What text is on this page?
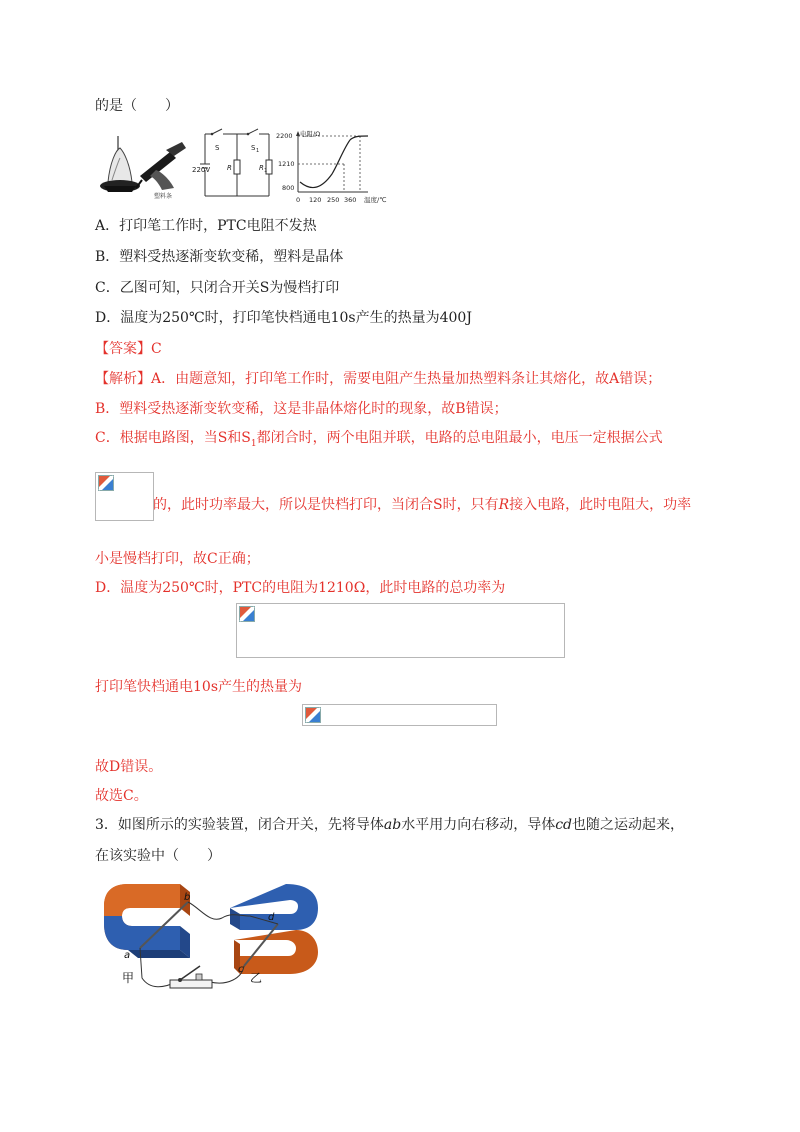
的是（　　）
塑料条
S	S 1
220V R	R 1
电阻/Ω
2200
1210
800
0 120 250 360 温度/℃
A．打印笔工作时，PTC电阻不发热
B．塑料受热逐渐变软变稀，塑料是晶体
C．乙图可知，只闭合开关S为慢档打印
D．温度为250℃时，打印笔快档通电10s产生的热量为400J
【答案】C
【解析】A．由题意知，打印笔工作时，需要电阻产生热量加热塑料条让其熔化，故A错误；
B．塑料受热逐渐变软变稀，这是非晶体熔化时的现象，故B错误；
C．根据电路图，当S和$S_1$都闭合时，两个电阻并联，电路的总电阻最小，电压一定根据公式
的，此时功率最大，所以是快档打印，当闭合S时，只有R接入电路，此时电阻大，功率
小是慢档打印，故C正确；
D．温度为250℃时，PTC的电阻为1210Ω，此时电路的总功率为
打印笔快档通电10s产生的热量为
故D错误。
故选C。
3．如图所示的实验装置，闭合开关，先将导体ab水平用力向右移动，导体cd也随之运动起来，
在该实验中（　　）
a
b
c
d
甲	乙
